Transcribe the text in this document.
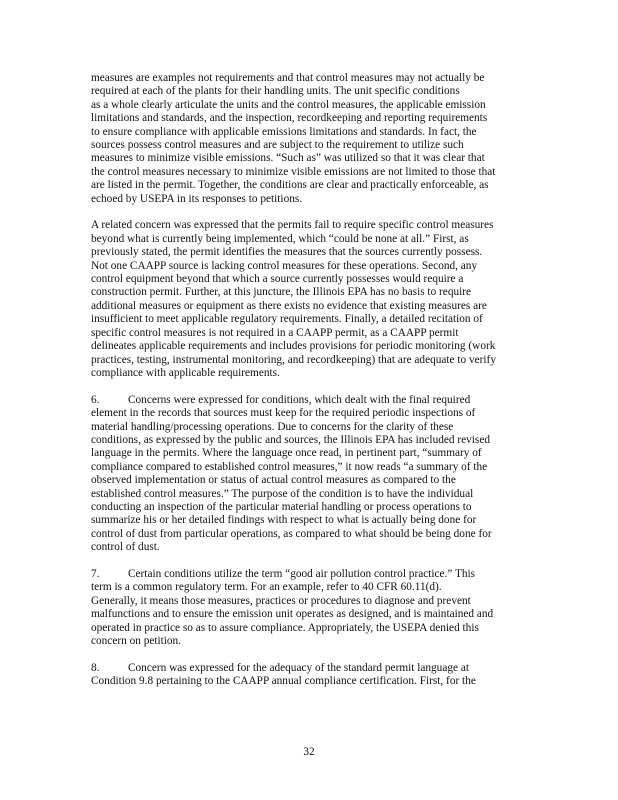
measures are examples not requirements and that control measures may not actually be
required at each of the plants for their handling units. The unit specific conditions
as a whole clearly articulate the units and the control measures, the applicable emission
limitations and standards, and the inspection, recordkeeping and reporting requirements
to ensure compliance with applicable emissions limitations and standards. In fact, the
sources possess control measures and are subject to the requirement to utilize such
measures to minimize visible emissions. “Such as” was utilized so that it was clear that
the control measures necessary to minimize visible emissions are not limited to those that
are listed in the permit. Together, the conditions are clear and practically enforceable, as
echoed by USEPA in its responses to petitions.
A related concern was expressed that the permits fail to require specific control measures
beyond what is currently being implemented, which “could be none at all.” First, as
previously stated, the permit identifies the measures that the sources currently possess.
Not one CAAPP source is lacking control measures for these operations. Second, any
control equipment beyond that which a source currently possesses would require a
construction permit. Further, at this juncture, the Illinois EPA has no basis to require
additional measures or equipment as there exists no evidence that existing measures are
insufficient to meet applicable regulatory requirements. Finally, a detailed recitation of
specific control measures is not required in a CAAPP permit, as a CAAPP permit
delineates applicable requirements and includes provisions for periodic monitoring (work
practices, testing, instrumental monitoring, and recordkeeping) that are adequate to verify
compliance with applicable requirements.
6.	Concerns were expressed for conditions, which dealt with the final required
element in the records that sources must keep for the required periodic inspections of
material handling/processing operations. Due to concerns for the clarity of these
conditions, as expressed by the public and sources, the Illinois EPA has included revised
language in the permits. Where the language once read, in pertinent part, “summary of
compliance compared to established control measures,” it now reads “a summary of the
observed implementation or status of actual control measures as compared to the
established control measures.” The purpose of the condition is to have the individual
conducting an inspection of the particular material handling or process operations to
summarize his or her detailed findings with respect to what is actually being done for
control of dust from particular operations, as compared to what should be being done for
control of dust.
7.	Certain conditions utilize the term “good air pollution control practice.” This
term is a common regulatory term. For an example, refer to 40 CFR 60.11(d).
Generally, it means those measures, practices or procedures to diagnose and prevent
malfunctions and to ensure the emission unit operates as designed, and is maintained and
operated in practice so as to assure compliance. Appropriately, the USEPA denied this
concern on petition.
8.	Concern was expressed for the adequacy of the standard permit language at
Condition 9.8 pertaining to the CAAPP annual compliance certification. First, for the
32
